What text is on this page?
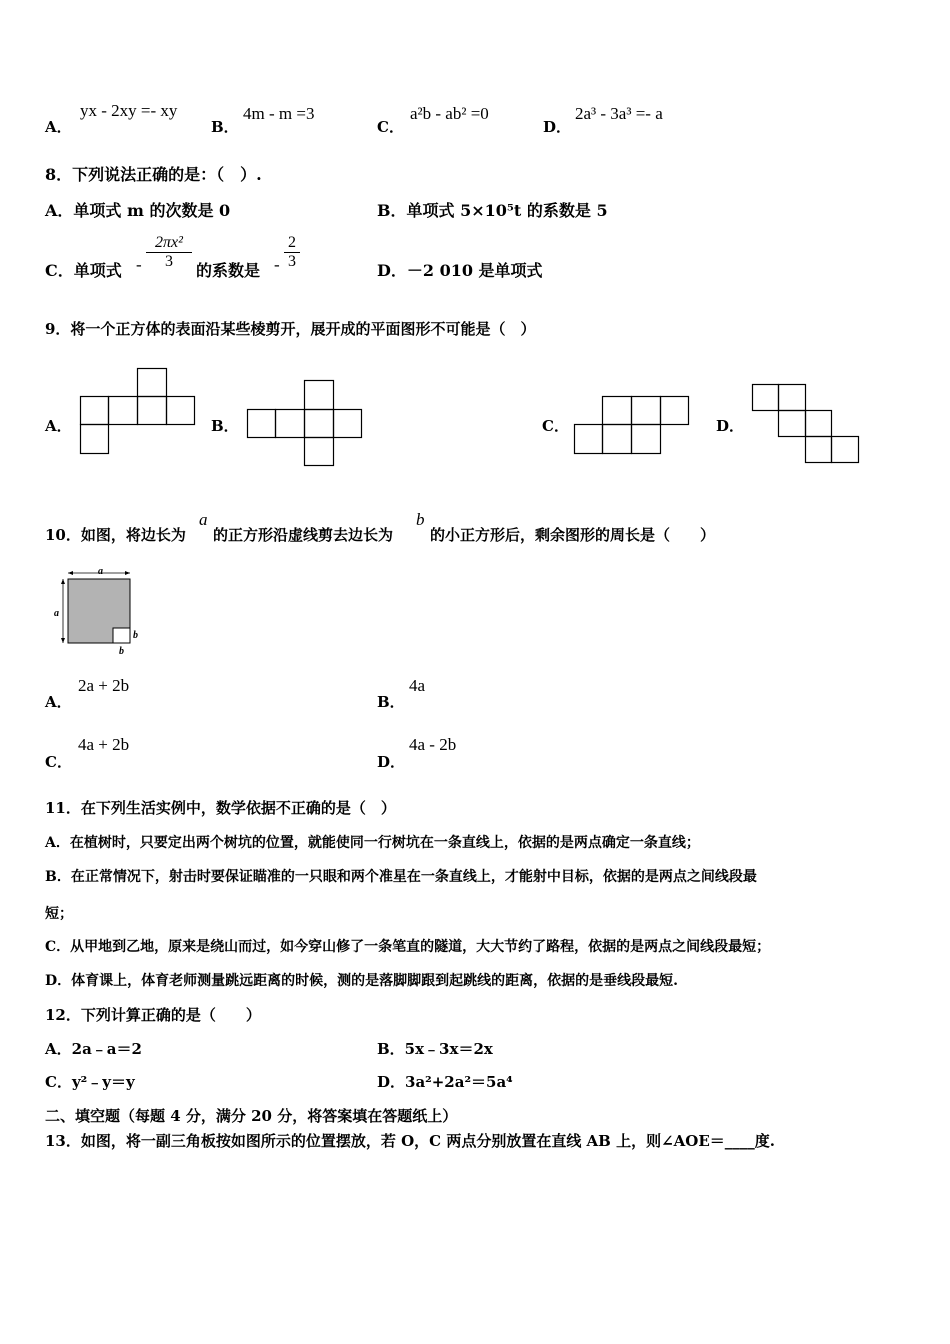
A．
yx - 2xy =- xy
B．
4m - m =3
C．
a²b - ab² =0
D．
2a³ - 3a³ =- a
8．下列说法正确的是：（　）.
A．单项式 m 的次数是 0	B．单项式 5×10⁵t 的系数是 5
C．单项式 - $\frac{\text{2πx²}}{3}$ 的系数是 - $\frac{2}{3}$	D．－2 010 是单项式
9．将一个正方体的表面沿某些棱剪开，展开成的平面图形不可能是（　）
A．	B．	C．	D．
10．如图，将边长为
a
的正方形沿虚线剪去边长为
b
的小正方形后，剩余图形的周长是（　　）
a
a
b
b
A．
2a + 2b
B．
4a
C．
4a + 2b
D．
4a - 2b
11．在下列生活实例中，数学依据不正确的是（　）
A．在植树时，只要定出两个树坑的位置，就能使同一行树坑在一条直线上，依据的是两点确定一条直线；
B．在正常情况下，射击时要保证瞄准的一只眼和两个准星在一条直线上，才能射中目标，依据的是两点之间线段最
短；
C．从甲地到乙地，原来是绕山而过，如今穿山修了一条笔直的隧道，大大节约了路程，依据的是两点之间线段最短；
D．体育课上，体育老师测量跳远距离的时候，测的是落脚脚跟到起跳线的距离，依据的是垂线段最短.
12．下列计算正确的是（　　）
A．2a﹣a＝2	B．5x﹣3x＝2x
C．y²﹣y＝y	D．3a²+2a²＝5a⁴
二、填空题（每题 4 分，满分 20 分，将答案填在答题纸上）
13．如图，将一副三角板按如图所示的位置摆放，若 O，C 两点分别放置在直线 AB 上，则∠AOE＝____度.
